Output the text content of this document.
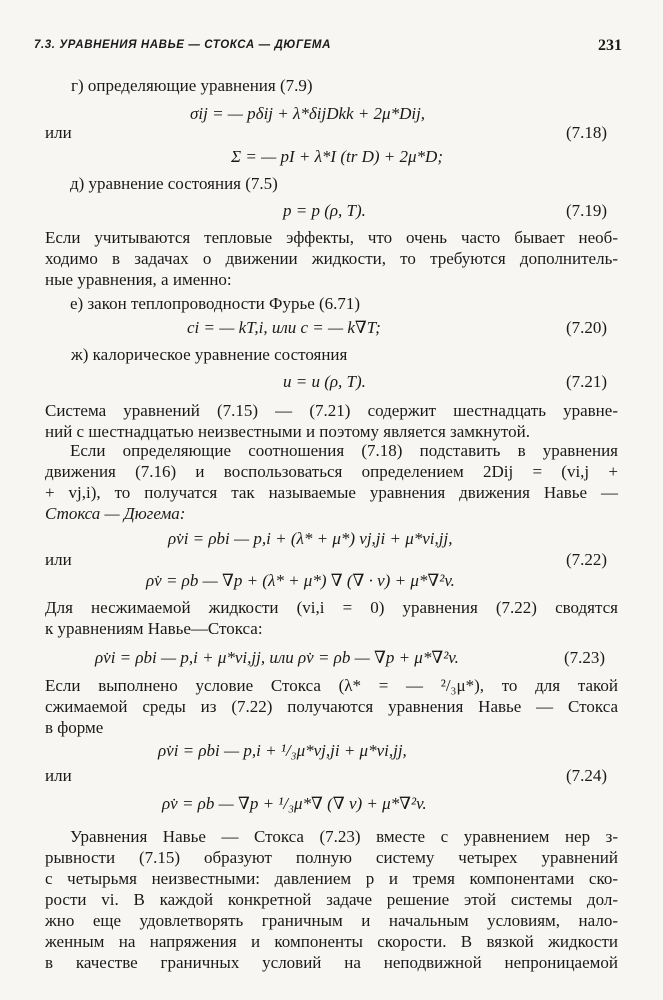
7.3. УРАВНЕНИЯ НАВЬЕ — СТОКСА — ДЮГЕМА	231
г) определяющие уравнения (7.9)
σij = — pδij + λ*δijDkk + 2μ*Dij,
или	(7.18)
Σ = — pI + λ*I (tr D) + 2μ*D;
д) уравнение состояния (7.5)
p = p (ρ, T).	(7.19)
Если учитываются тепловые эффекты, что очень часто бывает необ-
ходимо в задачах о движении жидкости, то требуются дополнитель-
ные уравнения, а именно:
е) закон теплопроводности Фурье (6.71)
ci = — kT,i, или c = — k∇T;	(7.20)
ж) калорическое уравнение состояния
u = u (ρ, T).	(7.21)
Система уравнений (7.15) — (7.21) содержит шестнадцать уравне-
ний с шестнадцатью неизвестными и поэтому является замкнутой.
Если определяющие соотношения (7.18) подставить в уравнения
движения (7.16) и воспользоваться определением 2Dij = (vi,j +
+ vj,i), то получатся так называемые уравнения движения Навье —
Стокса — Дюгема:
ρv̇i = ρbi — p,i + (λ* + μ*) vj,ji + μ*vi,jj,
или	(7.22)
ρv̇ = ρb — ∇p + (λ* + μ*) ∇ (∇ · v) + μ*∇²v.
Для несжимаемой жидкости (vi,i = 0) уравнения (7.22) сводятся
к уравнениям Навье—Стокса:
ρv̇i = ρbi — p,i + μ*vi,jj, или ρv̇ = ρb — ∇p + μ*∇²v.	(7.23)
Если выполнено условие Стокса (λ* = — ²/₃μ*), то для такой
сжимаемой среды из (7.22) получаются уравнения Навье — Стокса
в форме
ρv̇i = ρbi — p,i + ¹/₃μ*vj,ji + μ*vi,jj,
или	(7.24)
ρv̇ = ρb — ∇p + ¹/₃μ*∇ (∇ v) + μ*∇²v.
Уравнения Навье — Стокса (7.23) вместе с уравнением нер з-
рывности (7.15) образуют полную систему четырех уравнений
с четырьмя неизвестными: давлением p и тремя компонентами ско-
рости vi. В каждой конкретной задаче решение этой системы дол-
жно еще удовлетворять граничным и начальным условиям, нало-
женным на напряжения и компоненты скорости. В вязкой жидкости
в качестве граничных условий на неподвижной непроницаемой
